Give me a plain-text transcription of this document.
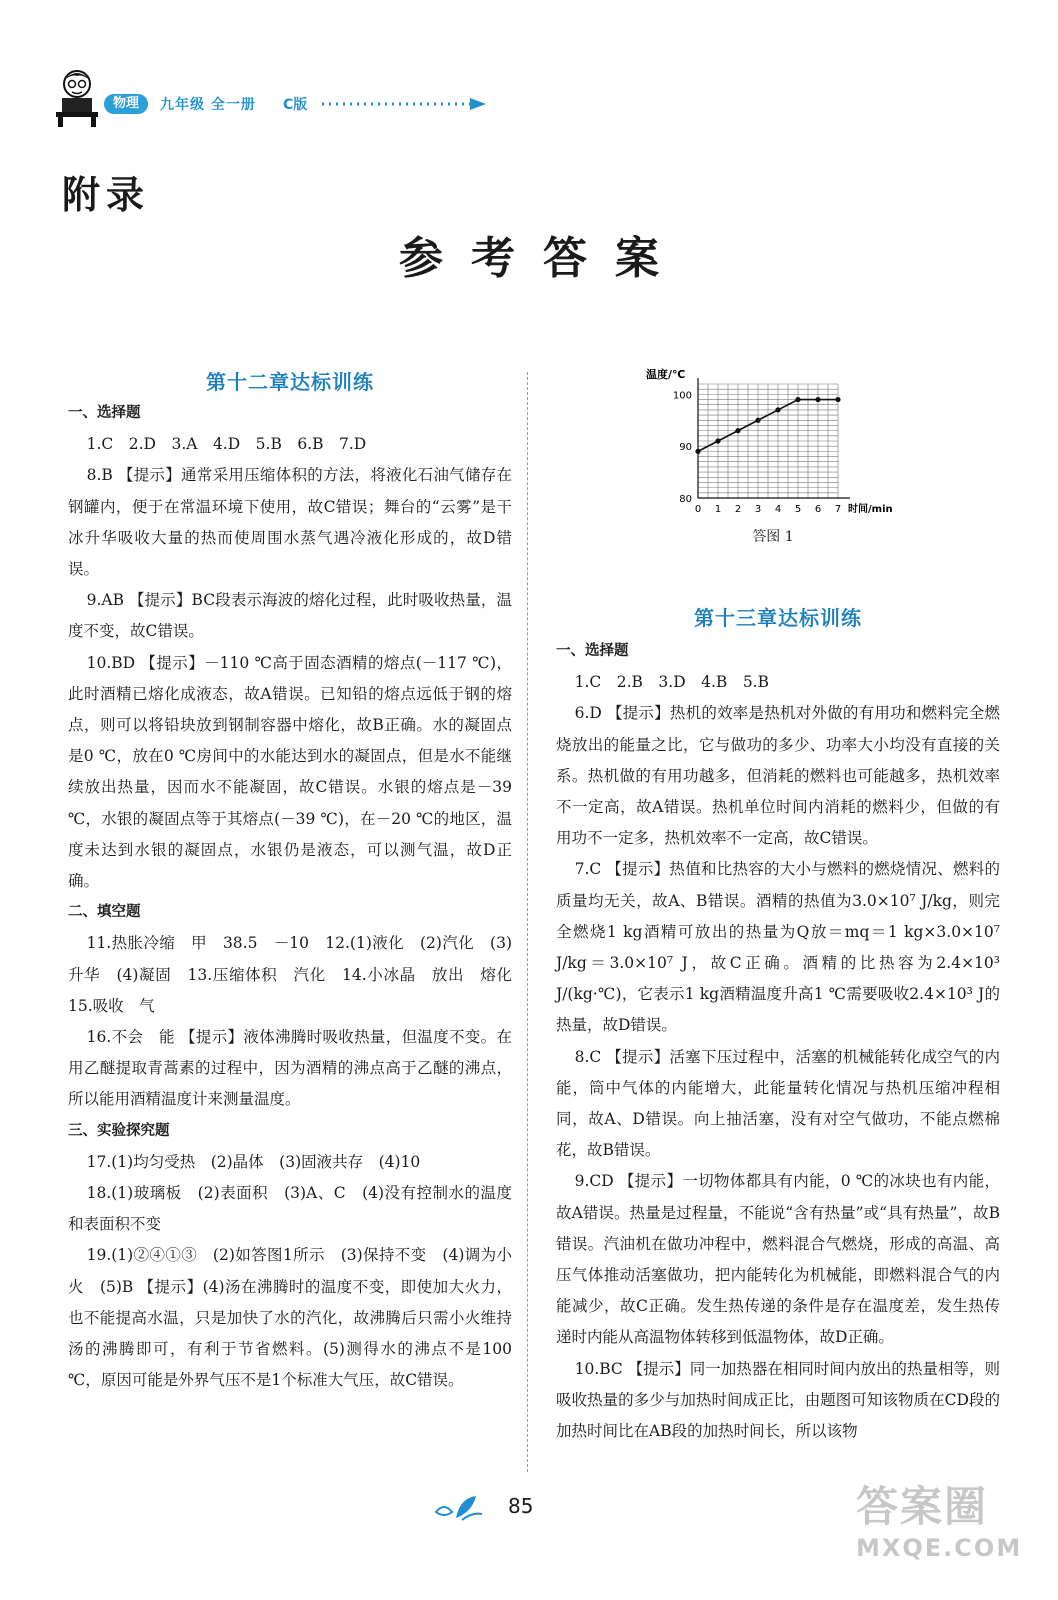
物理	九年级 全一册 C版
附录
参考答案
第十二章达标训练

一、选择题

1.C　2.D　3.A　4.D　5.B　6.B　7.D

8.B 【提示】通常采用压缩体积的方法，将液化石油气储存在钢罐内，便于在常温环境下使用，故C错误；舞台的“云雾”是干冰升华吸收大量的热而使周围水蒸气遇冷液化形成的，故D错误。

9.AB 【提示】BC段表示海波的熔化过程，此时吸收热量，温度不变，故C错误。

10.BD 【提示】－110 ℃高于固态酒精的熔点(－117 ℃)，此时酒精已熔化成液态，故A错误。已知铅的熔点远低于钢的熔点，则可以将铅块放到钢制容器中熔化，故B正确。水的凝固点是0 ℃，放在0 ℃房间中的水能达到水的凝固点，但是水不能继续放出热量，因而水不能凝固，故C错误。水银的熔点是－39 ℃，水银的凝固点等于其熔点(－39 ℃)，在－20 ℃的地区，温度未达到水银的凝固点，水银仍是液态，可以测气温，故D正确。

二、填空题

11.热胀冷缩　甲　38.5　－10　12.(1)液化　(2)汽化　(3)升华　(4)凝固　13.压缩体积　汽化　14.小冰晶　放出　熔化　15.吸收　气

16.不会　能 【提示】液体沸腾时吸收热量，但温度不变。在用乙醚提取青蒿素的过程中，因为酒精的沸点高于乙醚的沸点，所以能用酒精温度计来测量温度。

三、实验探究题

17.(1)均匀受热　(2)晶体　(3)固液共存　(4)10

18.(1)玻璃板　(2)表面积　(3)A、C　(4)没有控制水的温度和表面积不变

19.(1)②④①③　(2)如答图1所示　(3)保持不变　(4)调为小火　(5)B 【提示】(4)汤在沸腾时的温度不变，即使加大火力，也不能提高水温，只是加快了水的汽化，故沸腾后只需小火维持汤的沸腾即可，有利于节省燃料。(5)测得水的沸点不是100 ℃，原因可能是外界气压不是1个标准大气压，故C错误。

0 1 2 3 4 5 6 7
80
90
100
温度/℃
时间/min
答图 1
第十三章达标训练

一、选择题

1.C　2.B　3.D　4.B　5.B

6.D 【提示】热机的效率是热机对外做的有用功和燃料完全燃烧放出的能量之比，它与做功的多少、功率大小均没有直接的关系。热机做的有用功越多，但消耗的燃料也可能越多，热机效率不一定高，故A错误。热机单位时间内消耗的燃料少，但做的有用功不一定多，热机效率不一定高，故C错误。

7.C 【提示】热值和比热容的大小与燃料的燃烧情况、燃料的质量均无关，故A、B错误。酒精的热值为3.0×10⁷ J/kg，则完全燃烧1 kg酒精可放出的热量为Q放＝mq＝1 kg×3.0×10⁷ J/kg＝3.0×10⁷ J，故C正确。酒精的比热容为2.4×10³ J/(kg·℃)，它表示1 kg酒精温度升高1 ℃需要吸收2.4×10³ J的热量，故D错误。

8.C 【提示】活塞下压过程中，活塞的机械能转化成空气的内能，筒中气体的内能增大，此能量转化情况与热机压缩冲程相同，故A、D错误。向上抽活塞，没有对空气做功，不能点燃棉花，故B错误。

9.CD 【提示】一切物体都具有内能，0 ℃的冰块也有内能，故A错误。热量是过程量，不能说“含有热量”或“具有热量”，故B错误。汽油机在做功冲程中，燃料混合气燃烧，形成的高温、高压气体推动活塞做功，把内能转化为机械能，即燃料混合气的内能减少，故C正确。发生热传递的条件是存在温度差，发生热传递时内能从高温物体转移到低温物体，故D正确。

10.BC 【提示】同一加热器在相同时间内放出的热量相等，则吸收热量的多少与加热时间成正比，由题图可知该物质在CD段的加热时间比在AB段的加热时间长，所以该物

85	答案圈
MXQE.COM
